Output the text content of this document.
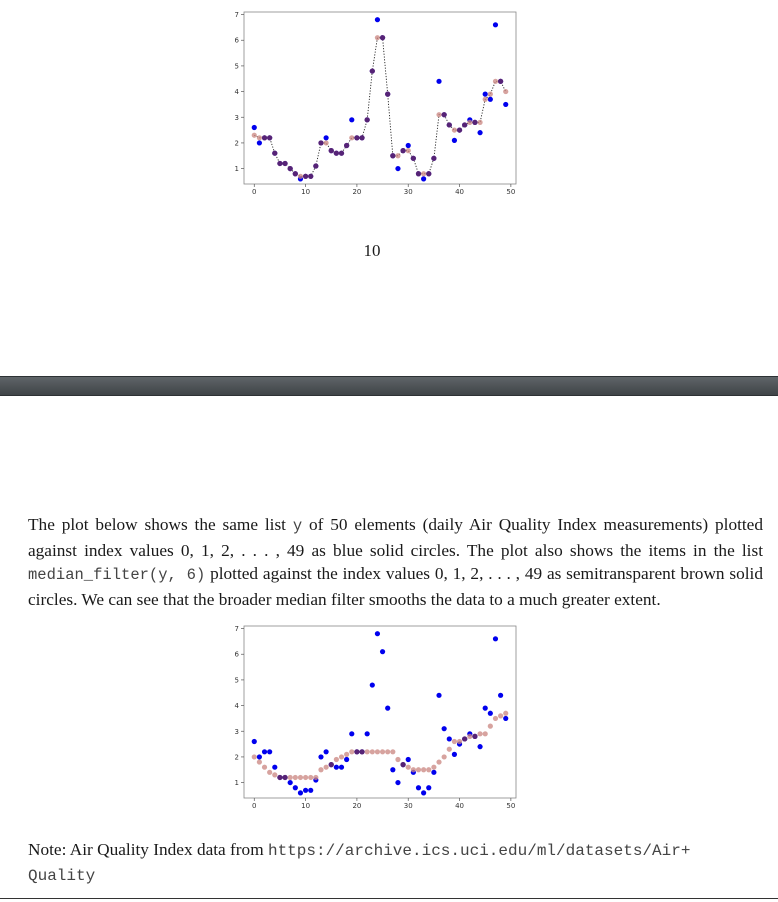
0	10	20	30	40	50
1
2
3
4
5
6
7
10

The plot below shows the same list y of 50 elements (daily Air Quality Index measurements) plotted against index values 0, 1, 2, . . . , 49 as blue solid circles. The plot also shows the items in the list median_filter(y, 6) plotted against the index values 0, 1, 2, . . . , 49 as semitransparent brown solid circles. We can see that the broader median filter smooths the data to a much greater extent.

0	10	20	30	40	50
1
2
3
4
5
6
7
Note: Air Quality Index data from https://archive.ics.uci.edu/ml/datasets/Air+
Quality
